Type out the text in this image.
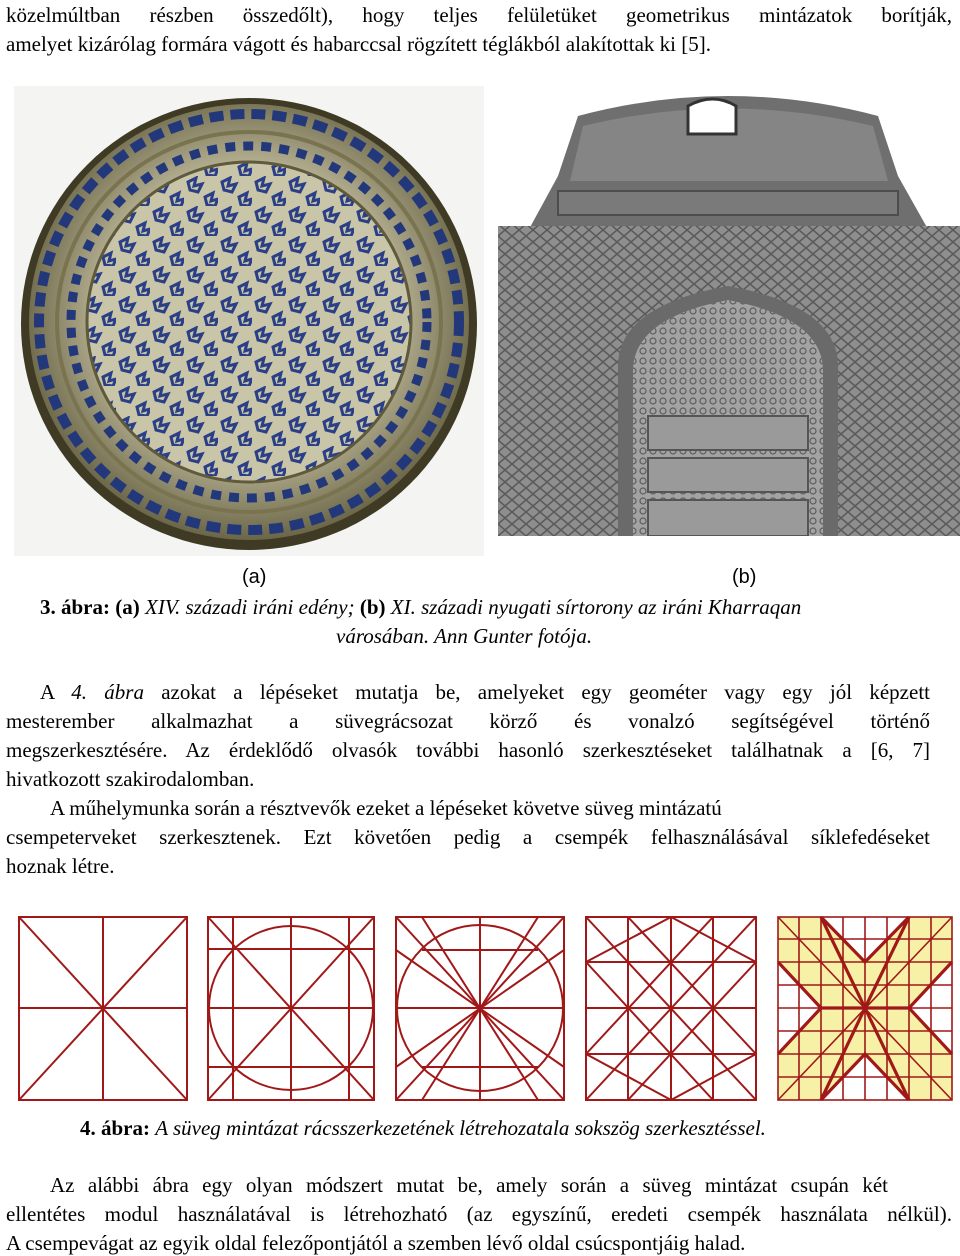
közelmúltban részben összedőlt), hogy teljes felületüket geometrikus mintázatok borítják,
amelyet kizárólag formára vágott és habarccsal rögzített téglákból alakítottak ki [5].
(a)	(b)
3. ábra: (a) XIV. századi iráni edény; (b) XI. századi nyugati sírtorony az iráni Kharraqan
városában. Ann Gunter fotója.
A 4. ábra azokat a lépéseket mutatja be, amelyeket egy geométer vagy egy jól képzett
mesterember alkalmazhat a süvegrácsozat körző és vonalzó segítségével történő
megszerkesztésére. Az érdeklődő olvasók további hasonló szerkesztéseket találhatnak a [6, 7]
hivatkozott szakirodalomban.
A műhelymunka során a résztvevők ezeket a lépéseket követve süveg mintázatú
csempeterveket szerkesztenek. Ezt követően pedig a csempék felhasználásával síklefedéseket
hoznak létre.
4. ábra: A süveg mintázat rácsszerkezetének létrehozatala sokszög szerkesztéssel.
Az alábbi ábra egy olyan módszert mutat be, amely során a süveg mintázat csupán két
ellentétes modul használatával is létrehozható (az egyszínű, eredeti csempék használata nélkül).
A csempevágat az egyik oldal felezőpontjától a szemben lévő oldal csúcspontjáig halad.
